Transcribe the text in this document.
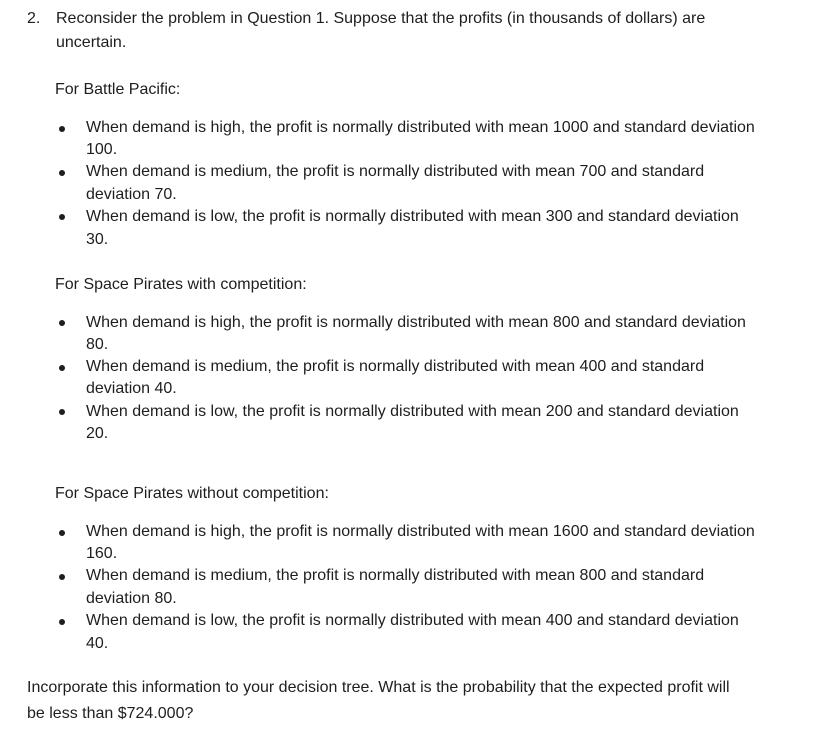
2. Reconsider the problem in Question 1. Suppose that the profits (in thousands of dollars) are
uncertain.
For Battle Pacific:
When demand is high, the profit is normally distributed with mean 1000 and standard deviation
100.
When demand is medium, the profit is normally distributed with mean 700 and standard
deviation 70.
When demand is low, the profit is normally distributed with mean 300 and standard deviation
30.
For Space Pirates with competition:
When demand is high, the profit is normally distributed with mean 800 and standard deviation
80.
When demand is medium, the profit is normally distributed with mean 400 and standard
deviation 40.
When demand is low, the profit is normally distributed with mean 200 and standard deviation
20.
For Space Pirates without competition:
When demand is high, the profit is normally distributed with mean 1600 and standard deviation
160.
When demand is medium, the profit is normally distributed with mean 800 and standard
deviation 80.
When demand is low, the profit is normally distributed with mean 400 and standard deviation
40.
Incorporate this information to your decision tree. What is the probability that the expected profit will
be less than $724.000?
